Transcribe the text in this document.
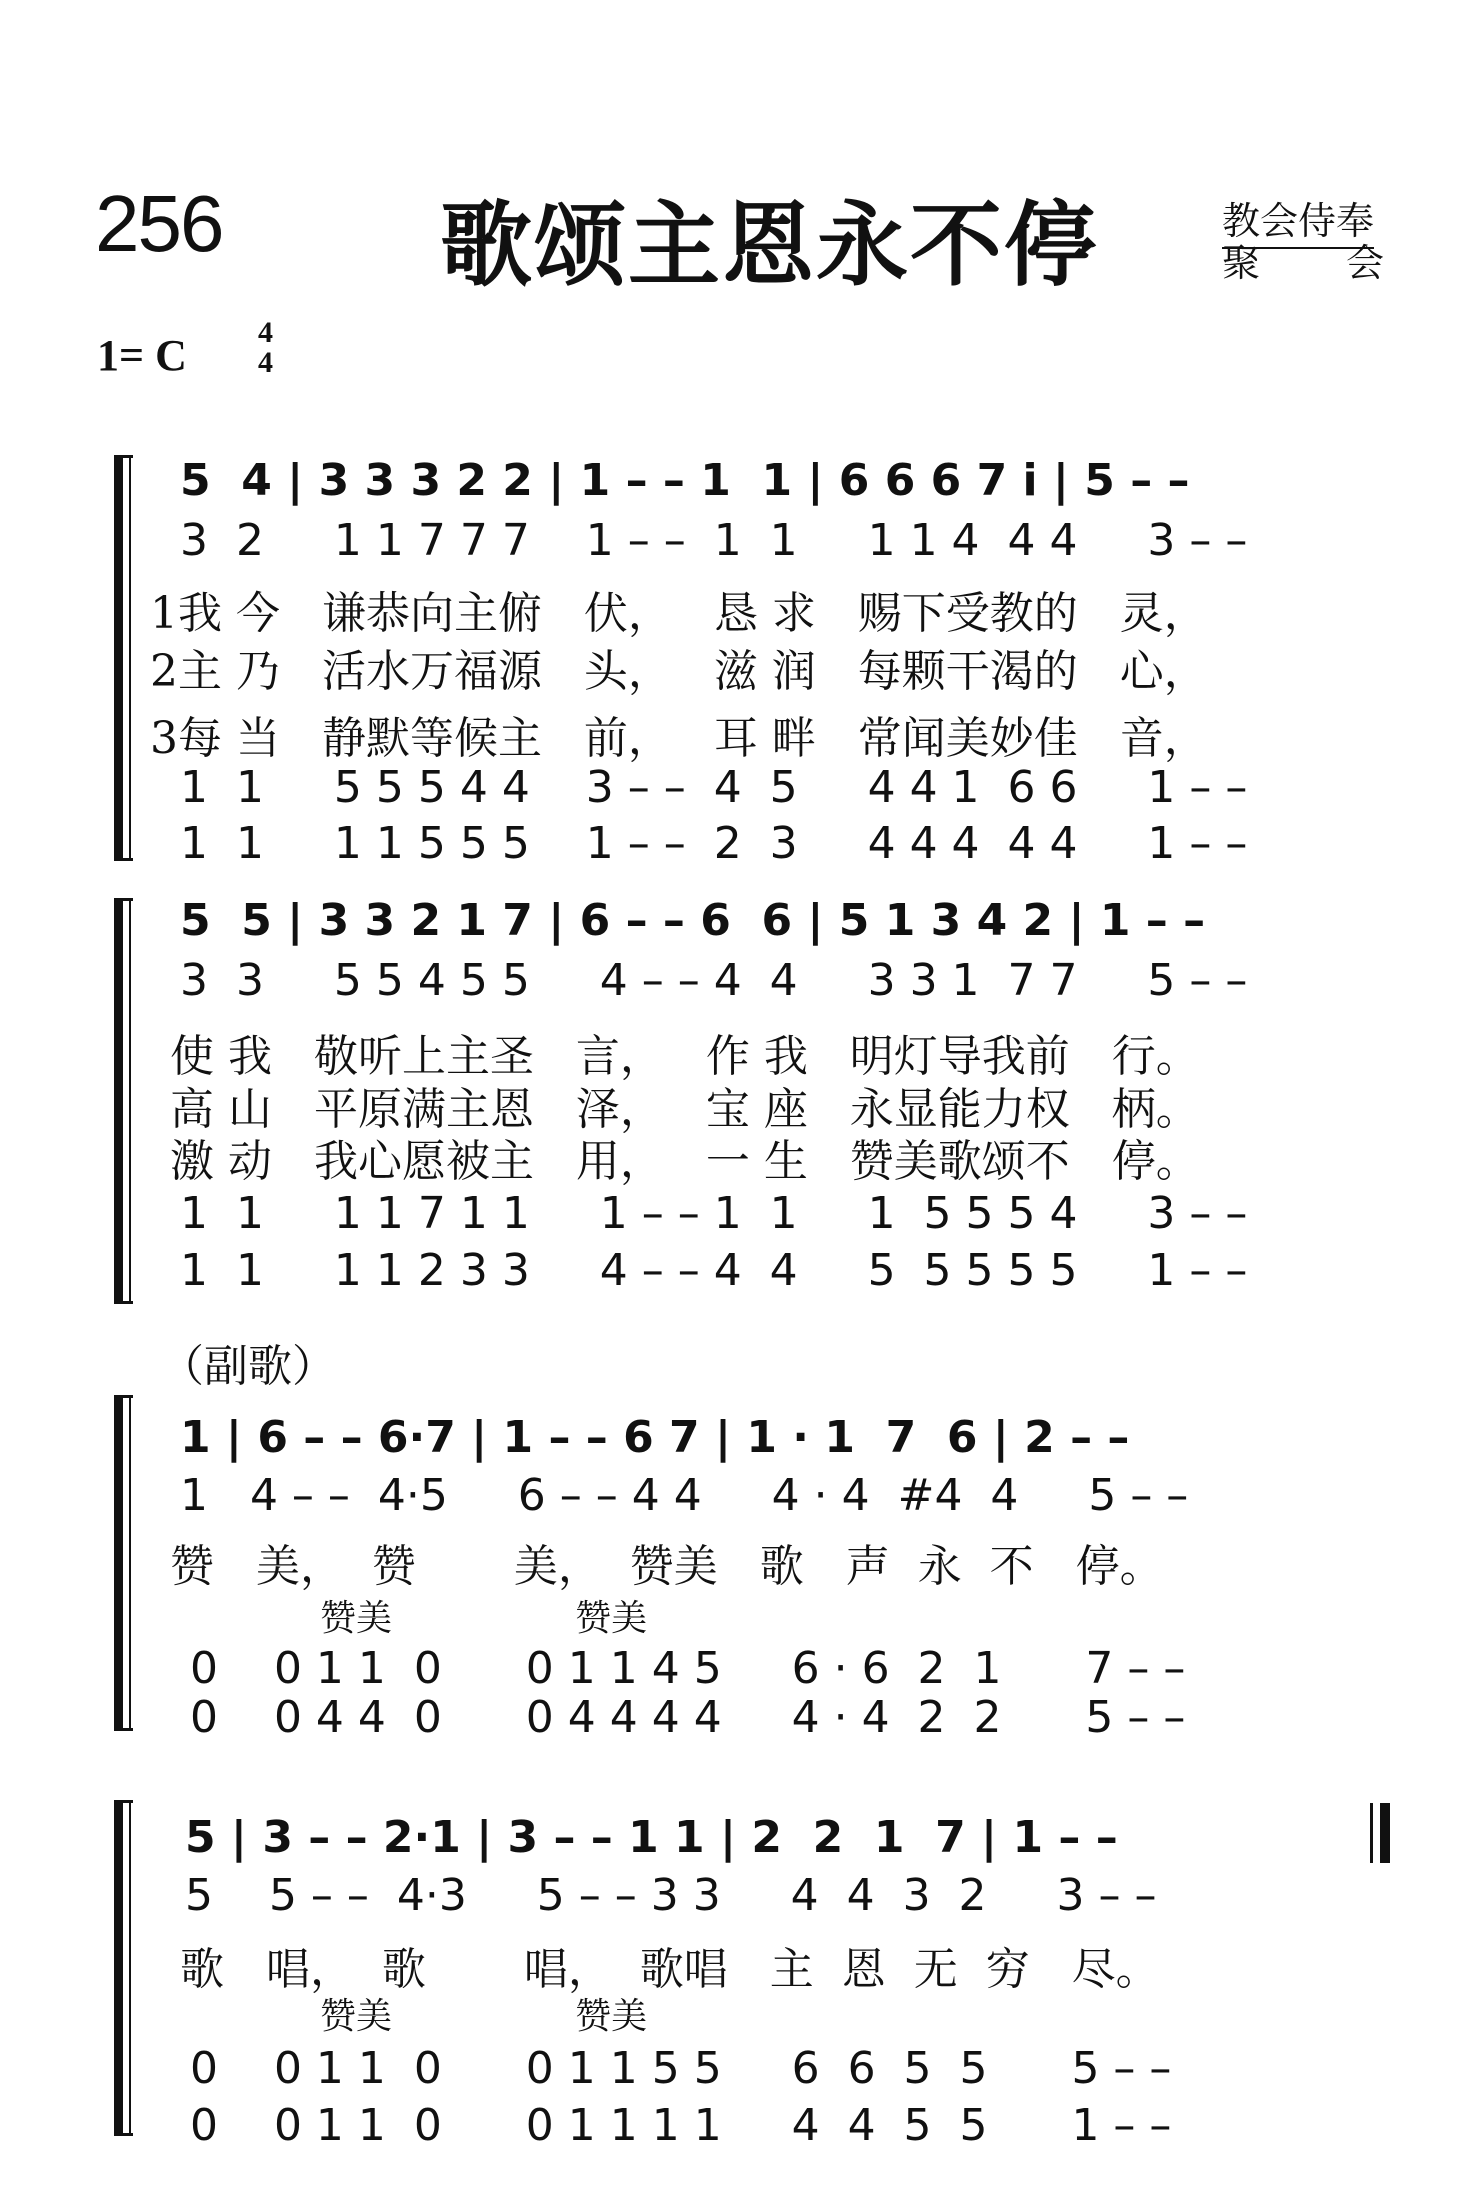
256 歌颂主恩永不停	教会侍奉
聚 会
1= C 4
4
5  4 | 3 3 3 2 2 | 1 – – 1  1 | 6 6 6 7 i | 5 – –
3  2     1 1 7 7 7    1 – –  1  1     1 1 4  4 4     3 – –
1我 今   谦恭向主俯   伏，   恳 求   赐下受教的   灵，
2主 乃   活水万福源   头，   滋 润   每颗干渴的   心，
3每 当   静默等候主   前，   耳 畔   常闻美妙佳   音，
1  1     5 5 5 4 4    3 – –  4  5     4 4 1  6 6     1 – –
1  1     1 1 5 5 5    1 – –  2  3     4 4 4  4 4     1 – –
5  5 | 3 3 2 1 7 | 6 – – 6  6 | 5 1 3 4 2 | 1 – –
3  3     5 5 4 5 5     4 – – 4  4     3 3 1  7 7     5 – –
使 我   敬听上主圣   言，   作 我   明灯导我前   行。
高 山   平原满主恩   泽，   宝 座   永显能力权   柄。
激 动   我心愿被主   用，   一 生   赞美歌颂不   停。
1  1     1 1 7 1 1     1 – – 1  1     1  5 5 5 4     3 – –
1  1     1 1 2 3 3     4 – – 4  4     5  5 5 5 5     1 – –
（副歌）
1 | 6 – – 6·7 | 1 – – 6 7 | 1 · 1  7  6 | 2 – –
1   4 – –  4·5     6 – – 4 4     4 · 4  #4  4     5 – –
赞   美，  赞       美，  赞美   歌   声  永  不   停。
赞美                赞美
0    0 1 1  0      0 1 1 4 5     6 · 6  2  1      7 – –
0    0 4 4  0      0 4 4 4 4     4 · 4  2  2      5 – –
5 | 3 – – 2·1 | 3 – – 1 1 | 2  2  1  7 | 1 – –
5    5 – –  4·3     5 – – 3 3     4  4  3  2     3 – –
歌   唱，  歌       唱，  歌唱   主  恩  无  穷   尽。
赞美                赞美
0    0 1 1  0      0 1 1 5 5     6  6  5  5      5 – –
0    0 1 1  0      0 1 1 1 1     4  4  5  5      1 – –
